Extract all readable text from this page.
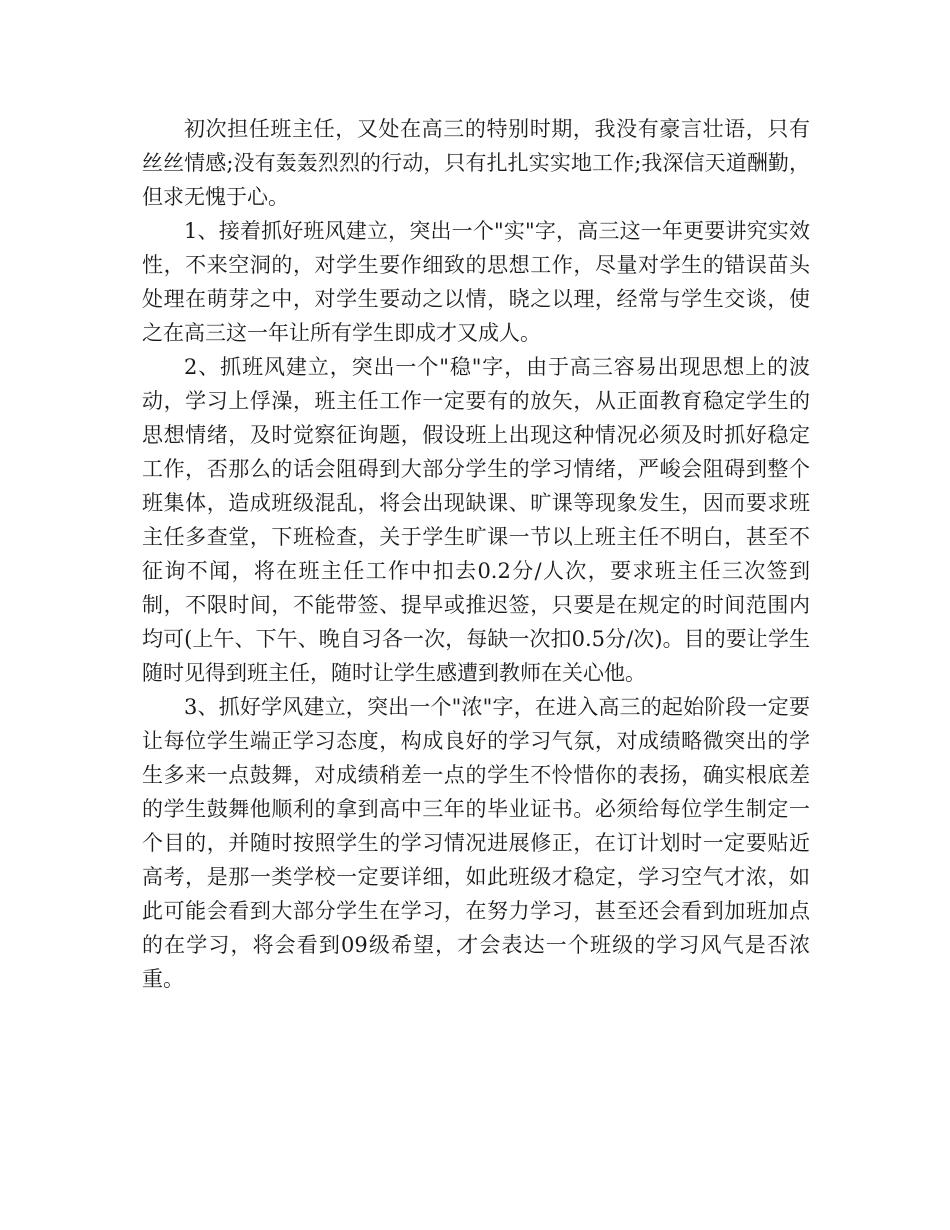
初次担任班主任，又处在高三的特别时期，我没有豪言壮语，只有丝丝情感;没有轰轰烈烈的行动，只有扎扎实实地工作;我深信天道酬勤，但求无愧于心。

1、接着抓好班风建立，突出一个"实"字，高三这一年更要讲究实效性，不来空洞的，对学生要作细致的思想工作，尽量对学生的错误苗头处理在萌芽之中，对学生要动之以情，晓之以理，经常与学生交谈，使之在高三这一年让所有学生即成才又成人。

2、抓班风建立，突出一个"稳"字，由于高三容易出现思想上的波动，学习上俘澡，班主任工作一定要有的放矢，从正面教育稳定学生的思想情绪，及时觉察征询题，假设班上出现这种情况必须及时抓好稳定工作，否那么的话会阻碍到大部分学生的学习情绪，严峻会阻碍到整个班集体，造成班级混乱，将会出现缺课、旷课等现象发生，因而要求班主任多查堂，下班检查，关于学生旷课一节以上班主任不明白，甚至不征询不闻，将在班主任工作中扣去0.2分/人次，要求班主任三次签到制，不限时间，不能带签、提早或推迟签，只要是在规定的时间范围内均可(上午、下午、晚自习各一次，每缺一次扣0.5分/次)。目的要让学生随时见得到班主任，随时让学生感遭到教师在关心他。

3、抓好学风建立，突出一个"浓"字，在进入高三的起始阶段一定要让每位学生端正学习态度，构成良好的学习气氛，对成绩略微突出的学生多来一点鼓舞，对成绩稍差一点的学生不怜惜你的表扬，确实根底差的学生鼓舞他顺利的拿到高中三年的毕业证书。必须给每位学生制定一个目的，并随时按照学生的学习情况进展修正，在订计划时一定要贴近高考，是那一类学校一定要详细，如此班级才稳定，学习空气才浓，如此可能会看到大部分学生在学习，在努力学习，甚至还会看到加班加点的在学习，将会看到09级希望，才会表达一个班级的学习风气是否浓重。
